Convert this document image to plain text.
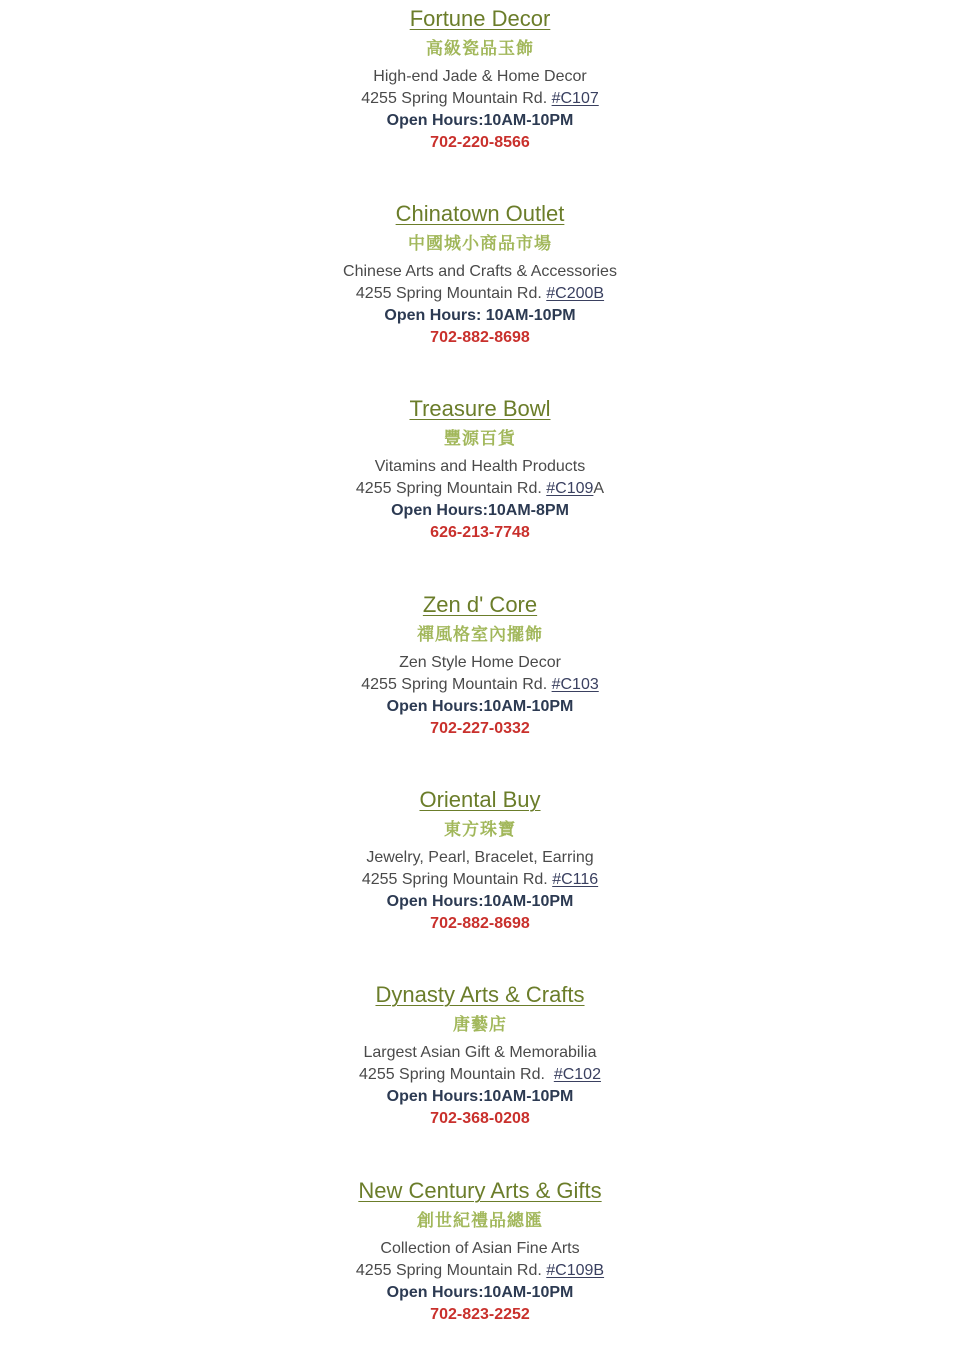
Fortune Decor
高級瓷品玉飾
High-end Jade & Home Decor
4255 Spring Mountain Rd. #C107
Open Hours:10AM-10PM
702-220-8566
Chinatown Outlet
中國城小商品市場
Chinese Arts and Crafts & Accessories
4255 Spring Mountain Rd. #C200B
Open Hours: 10AM-10PM
702-882-8698
Treasure Bowl
豐源百貨
Vitamins and Health Products
4255 Spring Mountain Rd. #C109A
Open Hours:10AM-8PM
626-213-7748
Zen d' Core
禪風格室內擺飾
Zen Style Home Decor
4255 Spring Mountain Rd. #C103
Open Hours:10AM-10PM
702-227-0332
Oriental Buy
東方珠寶
Jewelry, Pearl, Bracelet, Earring
4255 Spring Mountain Rd. #C116
Open Hours:10AM-10PM
702-882-8698
Dynasty Arts & Crafts
唐藝店
Largest Asian Gift & Memorabilia
4255 Spring Mountain Rd.  #C102
Open Hours:10AM-10PM
702-368-0208
New Century Arts & Gifts
創世紀禮品總匯
Collection of Asian Fine Arts
4255 Spring Mountain Rd. #C109B
Open Hours:10AM-10PM
702-823-2252
